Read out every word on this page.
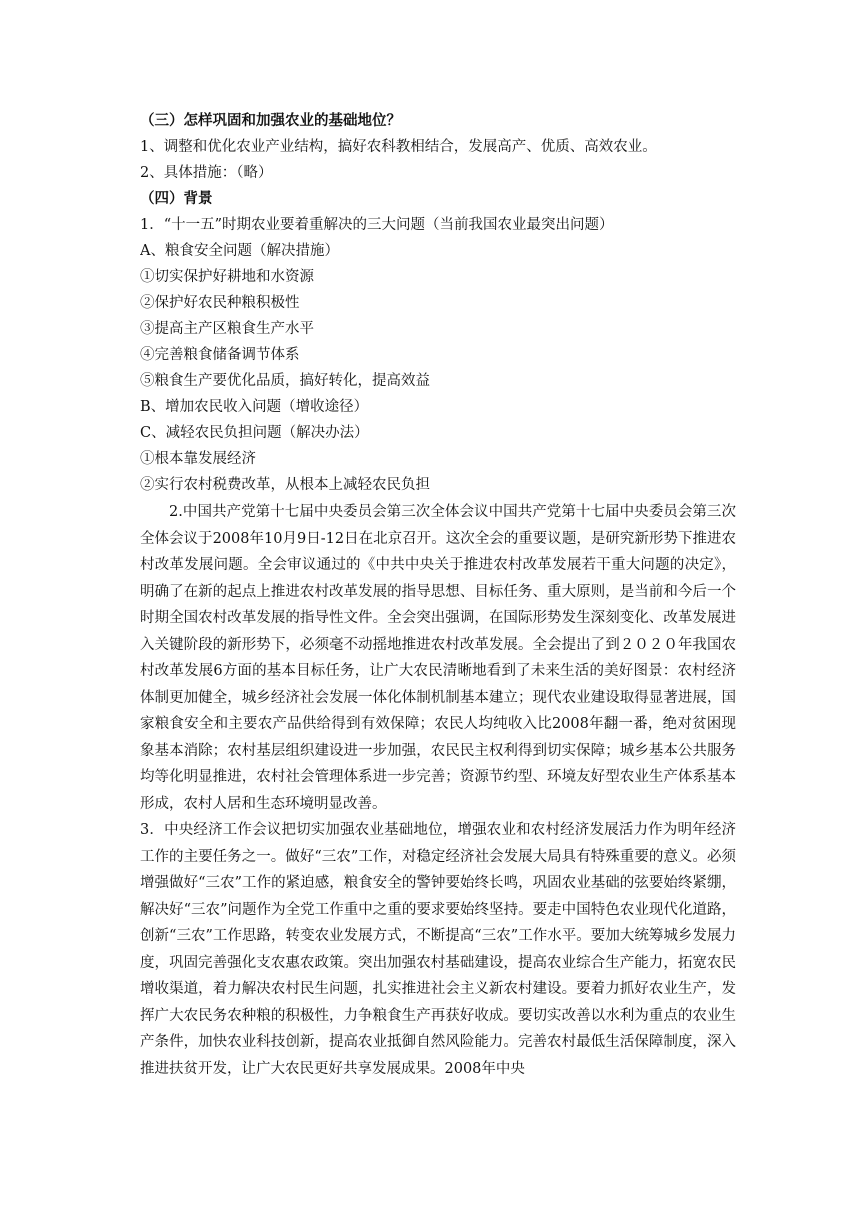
（三）怎样巩固和加强农业的基础地位？
1、调整和优化农业产业结构，搞好农科教相结合，发展高产、优质、高效农业。
2、具体措施：（略）
（四）背景
1．“十一五”时期农业要着重解决的三大问题（当前我国农业最突出问题）
A、粮食安全问题（解决措施）
①切实保护好耕地和水资源
②保护好农民种粮积极性
③提高主产区粮食生产水平
④完善粮食储备调节体系
⑤粮食生产要优化品质，搞好转化，提高效益
B、增加农民收入问题（增收途径）
C、减轻农民负担问题（解决办法）
①根本靠发展经济
②实行农村税费改革，从根本上减轻农民负担
2.中国共产党第十七届中央委员会第三次全体会议中国共产党第十七届中央委员会第三次全体会议于2008年10月9日-12日在北京召开。这次全会的重要议题，是研究新形势下推进农村改革发展问题。全会审议通过的《中共中央关于推进农村改革发展若干重大问题的决定》，明确了在新的起点上推进农村改革发展的指导思想、目标任务、重大原则，是当前和今后一个时期全国农村改革发展的指导性文件。全会突出强调，在国际形势发生深刻变化、改革发展进入关键阶段的新形势下，必须毫不动摇地推进农村改革发展。全会提出了到２０２０年我国农村改革发展6方面的基本目标任务，让广大农民清晰地看到了未来生活的美好图景：农村经济体制更加健全，城乡经济社会发展一体化体制机制基本建立；现代农业建设取得显著进展，国家粮食安全和主要农产品供给得到有效保障；农民人均纯收入比2008年翻一番，绝对贫困现象基本消除；农村基层组织建设进一步加强，农民民主权利得到切实保障；城乡基本公共服务均等化明显推进，农村社会管理体系进一步完善；资源节约型、环境友好型农业生产体系基本形成，农村人居和生态环境明显改善。
3．中央经济工作会议把切实加强农业基础地位，增强农业和农村经济发展活力作为明年经济工作的主要任务之一。做好“三农”工作，对稳定经济社会发展大局具有特殊重要的意义。必须增强做好“三农”工作的紧迫感，粮食安全的警钟要始终长鸣，巩固农业基础的弦要始终紧绷，解决好“三农”问题作为全党工作重中之重的要求要始终坚持。要走中国特色农业现代化道路，创新“三农”工作思路，转变农业发展方式，不断提高“三农”工作水平。要加大统筹城乡发展力度，巩固完善强化支农惠农政策。突出加强农村基础建设，提高农业综合生产能力，拓宽农民增收渠道，着力解决农村民生问题，扎实推进社会主义新农村建设。要着力抓好农业生产，发挥广大农民务农种粮的积极性，力争粮食生产再获好收成。要切实改善以水利为重点的农业生产条件，加快农业科技创新，提高农业抵御自然风险能力。完善农村最低生活保障制度，深入推进扶贫开发，让广大农民更好共享发展成果。2008年中央
